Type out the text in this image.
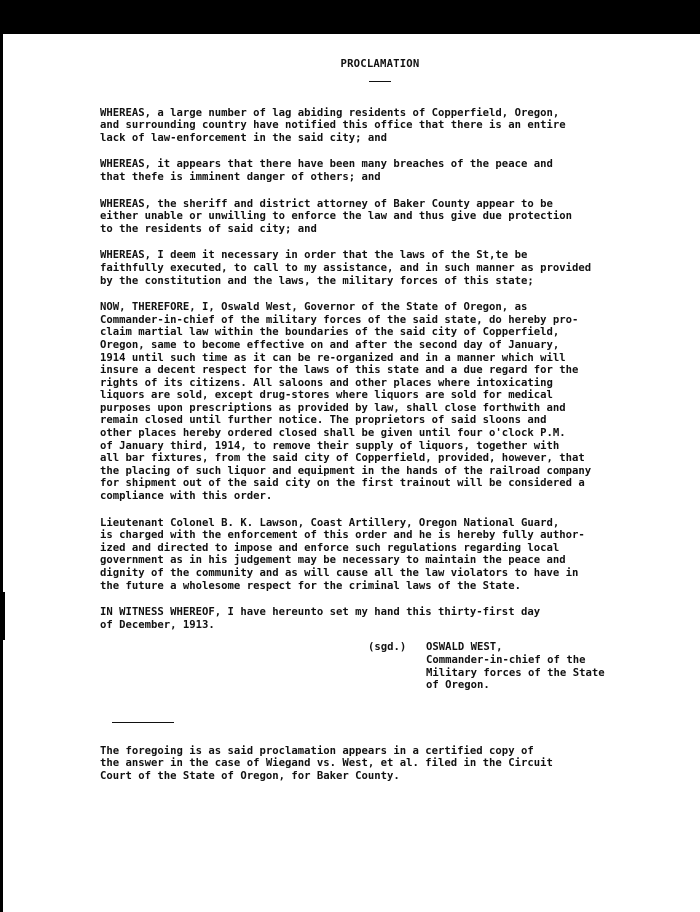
PROCLAMATION

WHEREAS, a large number of lag abiding residents of Copperfield, Oregon,
and surrounding country have notified this office that there is an entire
lack of law-enforcement in the said city; and

WHEREAS, it appears that there have been many breaches of the peace and
that thefe is imminent danger of others; and

WHEREAS, the sheriff and district attorney of Baker County appear to be
either unable or unwilling to enforce the law and thus give due protection
to the residents of said city; and

WHEREAS, I deem it necessary in order that the laws of the St,te be
faithfully executed, to call to my assistance, and in such manner as provided
by the constitution and the laws, the military forces of this state;

NOW, THEREFORE, I, Oswald West, Governor of the State of Oregon, as
Commander-in-chief of the military forces of the said state, do hereby pro-
claim martial law within the boundaries of the said city of Copperfield,
Oregon, same to become effective on and after the second day of January,
1914 until such time as it can be re-organized and in a manner which will
insure a decent respect for the laws of this state and a due regard for the
rights of its citizens. All saloons and other places where intoxicating
liquors are sold, except drug-stores where liquors are sold for medical
purposes upon prescriptions as provided by law, shall close forthwith and
remain closed until further notice. The proprietors of said sloons and
other places hereby ordered closed shall be given until four o'clock P.M.
of January third, 1914, to remove their supply of liquors, together with
all bar fixtures, from the said city of Copperfield, provided, however, that
the placing of such liquor and equipment in the hands of the railroad company
for shipment out of the said city on the first trainout will be considered a
compliance with this order.

Lieutenant Colonel B. K. Lawson, Coast Artillery, Oregon National Guard,
is charged with the enforcement of this order and he is hereby fully author-
ized and directed to impose and enforce such regulations regarding local
government as in his judgement may be necessary to maintain the peace and
dignity of the community and as will cause all the law violators to have in
the future a wholesome respect for the criminal laws of the State.

IN WITNESS WHEREOF, I have hereunto set my hand this thirty-first day
of December, 1913.

(sgd.)	OSWALD WEST,
Commander-in-chief of the
Military forces of the State
of Oregon.

The foregoing is as said proclamation appears in a certified copy of
the answer in the case of Wiegand vs. West, et al. filed in the Circuit
Court of the State of Oregon, for Baker County.
